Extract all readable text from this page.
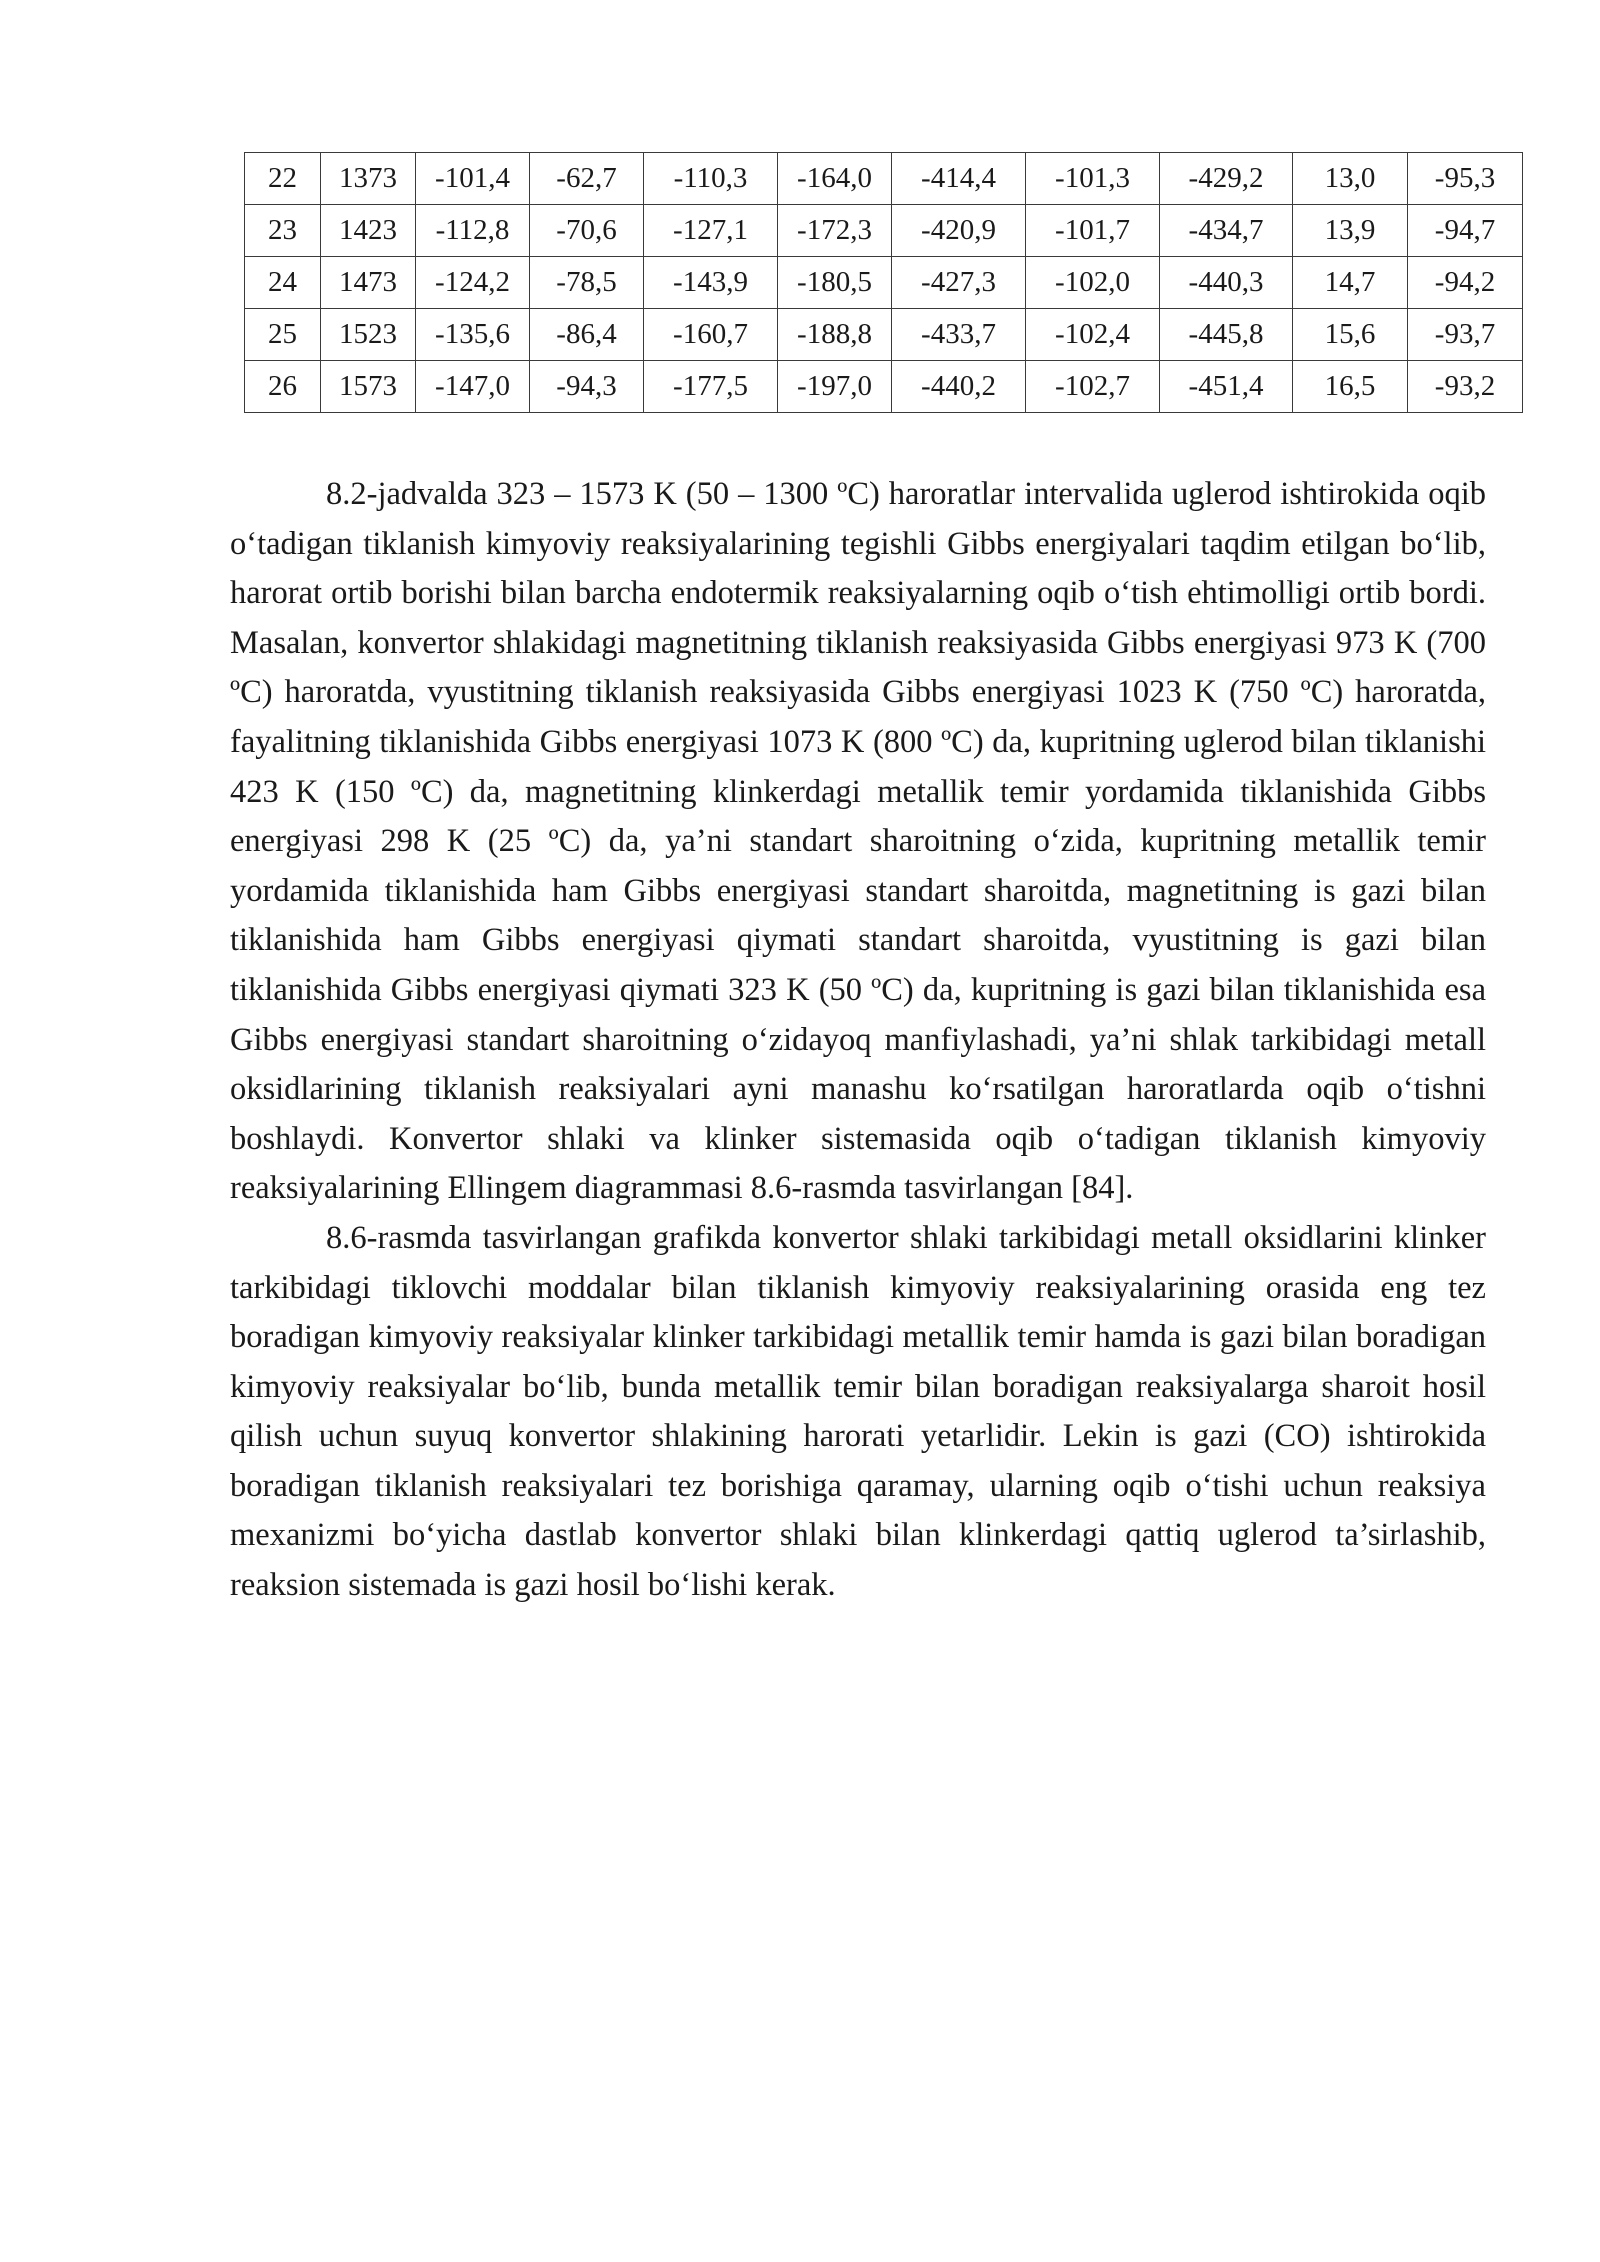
22	1373	-101,4	-62,7	-110,3	-164,0	-414,4	-101,3	-429,2	13,0	-95,3
23	1423	-112,8	-70,6	-127,1	-172,3	-420,9	-101,7	-434,7	13,9	-94,7
24	1473	-124,2	-78,5	-143,9	-180,5	-427,3	-102,0	-440,3	14,7	-94,2
25	1523	-135,6	-86,4	-160,7	-188,8	-433,7	-102,4	-445,8	15,6	-93,7
26	1573	-147,0	-94,3	-177,5	-197,0	-440,2	-102,7	-451,4	16,5	-93,2

8.2-jadvalda 323 – 1573 K (50 – 1300 ºC) haroratlar intervalida uglerod ishtirokida oqib o‘tadigan tiklanish kimyoviy reaksiyalarining tegishli Gibbs energiyalari taqdim etilgan bo‘lib, harorat ortib borishi bilan barcha endotermik reaksiyalarning oqib o‘tish ehtimolligi ortib bordi. Masalan, konvertor shlakidagi magnetitning tiklanish reaksiyasida Gibbs energiyasi 973 K (700 ºC) haroratda, vyustitning tiklanish reaksiyasida Gibbs energiyasi 1023 K (750 ºC) haroratda, fayalitning tiklanishida Gibbs energiyasi 1073 K (800 ºC) da, kupritning uglerod bilan tiklanishi 423 K (150 ºC) da, magnetitning klinkerdagi metallik temir yordamida tiklanishida Gibbs energiyasi 298 K (25 ºC) da, ya’ni standart sharoitning o‘zida, kupritning metallik temir yordamida tiklanishida ham Gibbs energiyasi standart sharoitda, magnetitning is gazi bilan tiklanishida ham Gibbs energiyasi qiymati standart sharoitda, vyustitning is gazi bilan tiklanishida Gibbs energiyasi qiymati 323 K (50 ºC) da, kupritning is gazi bilan tiklanishida esa Gibbs energiyasi standart sharoitning o‘zidayoq manfiylashadi, ya’ni shlak tarkibidagi metall oksidlarining tiklanish reaksiyalari ayni manashu ko‘rsatilgan haroratlarda oqib o‘tishni boshlaydi. Konvertor shlaki va klinker sistemasida oqib o‘tadigan tiklanish kimyoviy reaksiyalarining Ellingem diagrammasi 8.6-rasmda tasvirlangan [84].

8.6-rasmda tasvirlangan grafikda konvertor shlaki tarkibidagi metall oksidlarini klinker tarkibidagi tiklovchi moddalar bilan tiklanish kimyoviy reaksiyalarining orasida eng tez boradigan kimyoviy reaksiyalar klinker tarkibidagi metallik temir hamda is gazi bilan boradigan kimyoviy reaksiyalar bo‘lib, bunda metallik temir bilan boradigan reaksiyalarga sharoit hosil qilish uchun suyuq konvertor shlakining harorati yetarlidir. Lekin is gazi (CO) ishtirokida boradigan tiklanish reaksiyalari tez borishiga qaramay, ularning oqib o‘tishi uchun reaksiya mexanizmi bo‘yicha dastlab konvertor shlaki bilan klinkerdagi qattiq uglerod ta’sirlashib, reaksion sistemada is gazi hosil bo‘lishi kerak.
